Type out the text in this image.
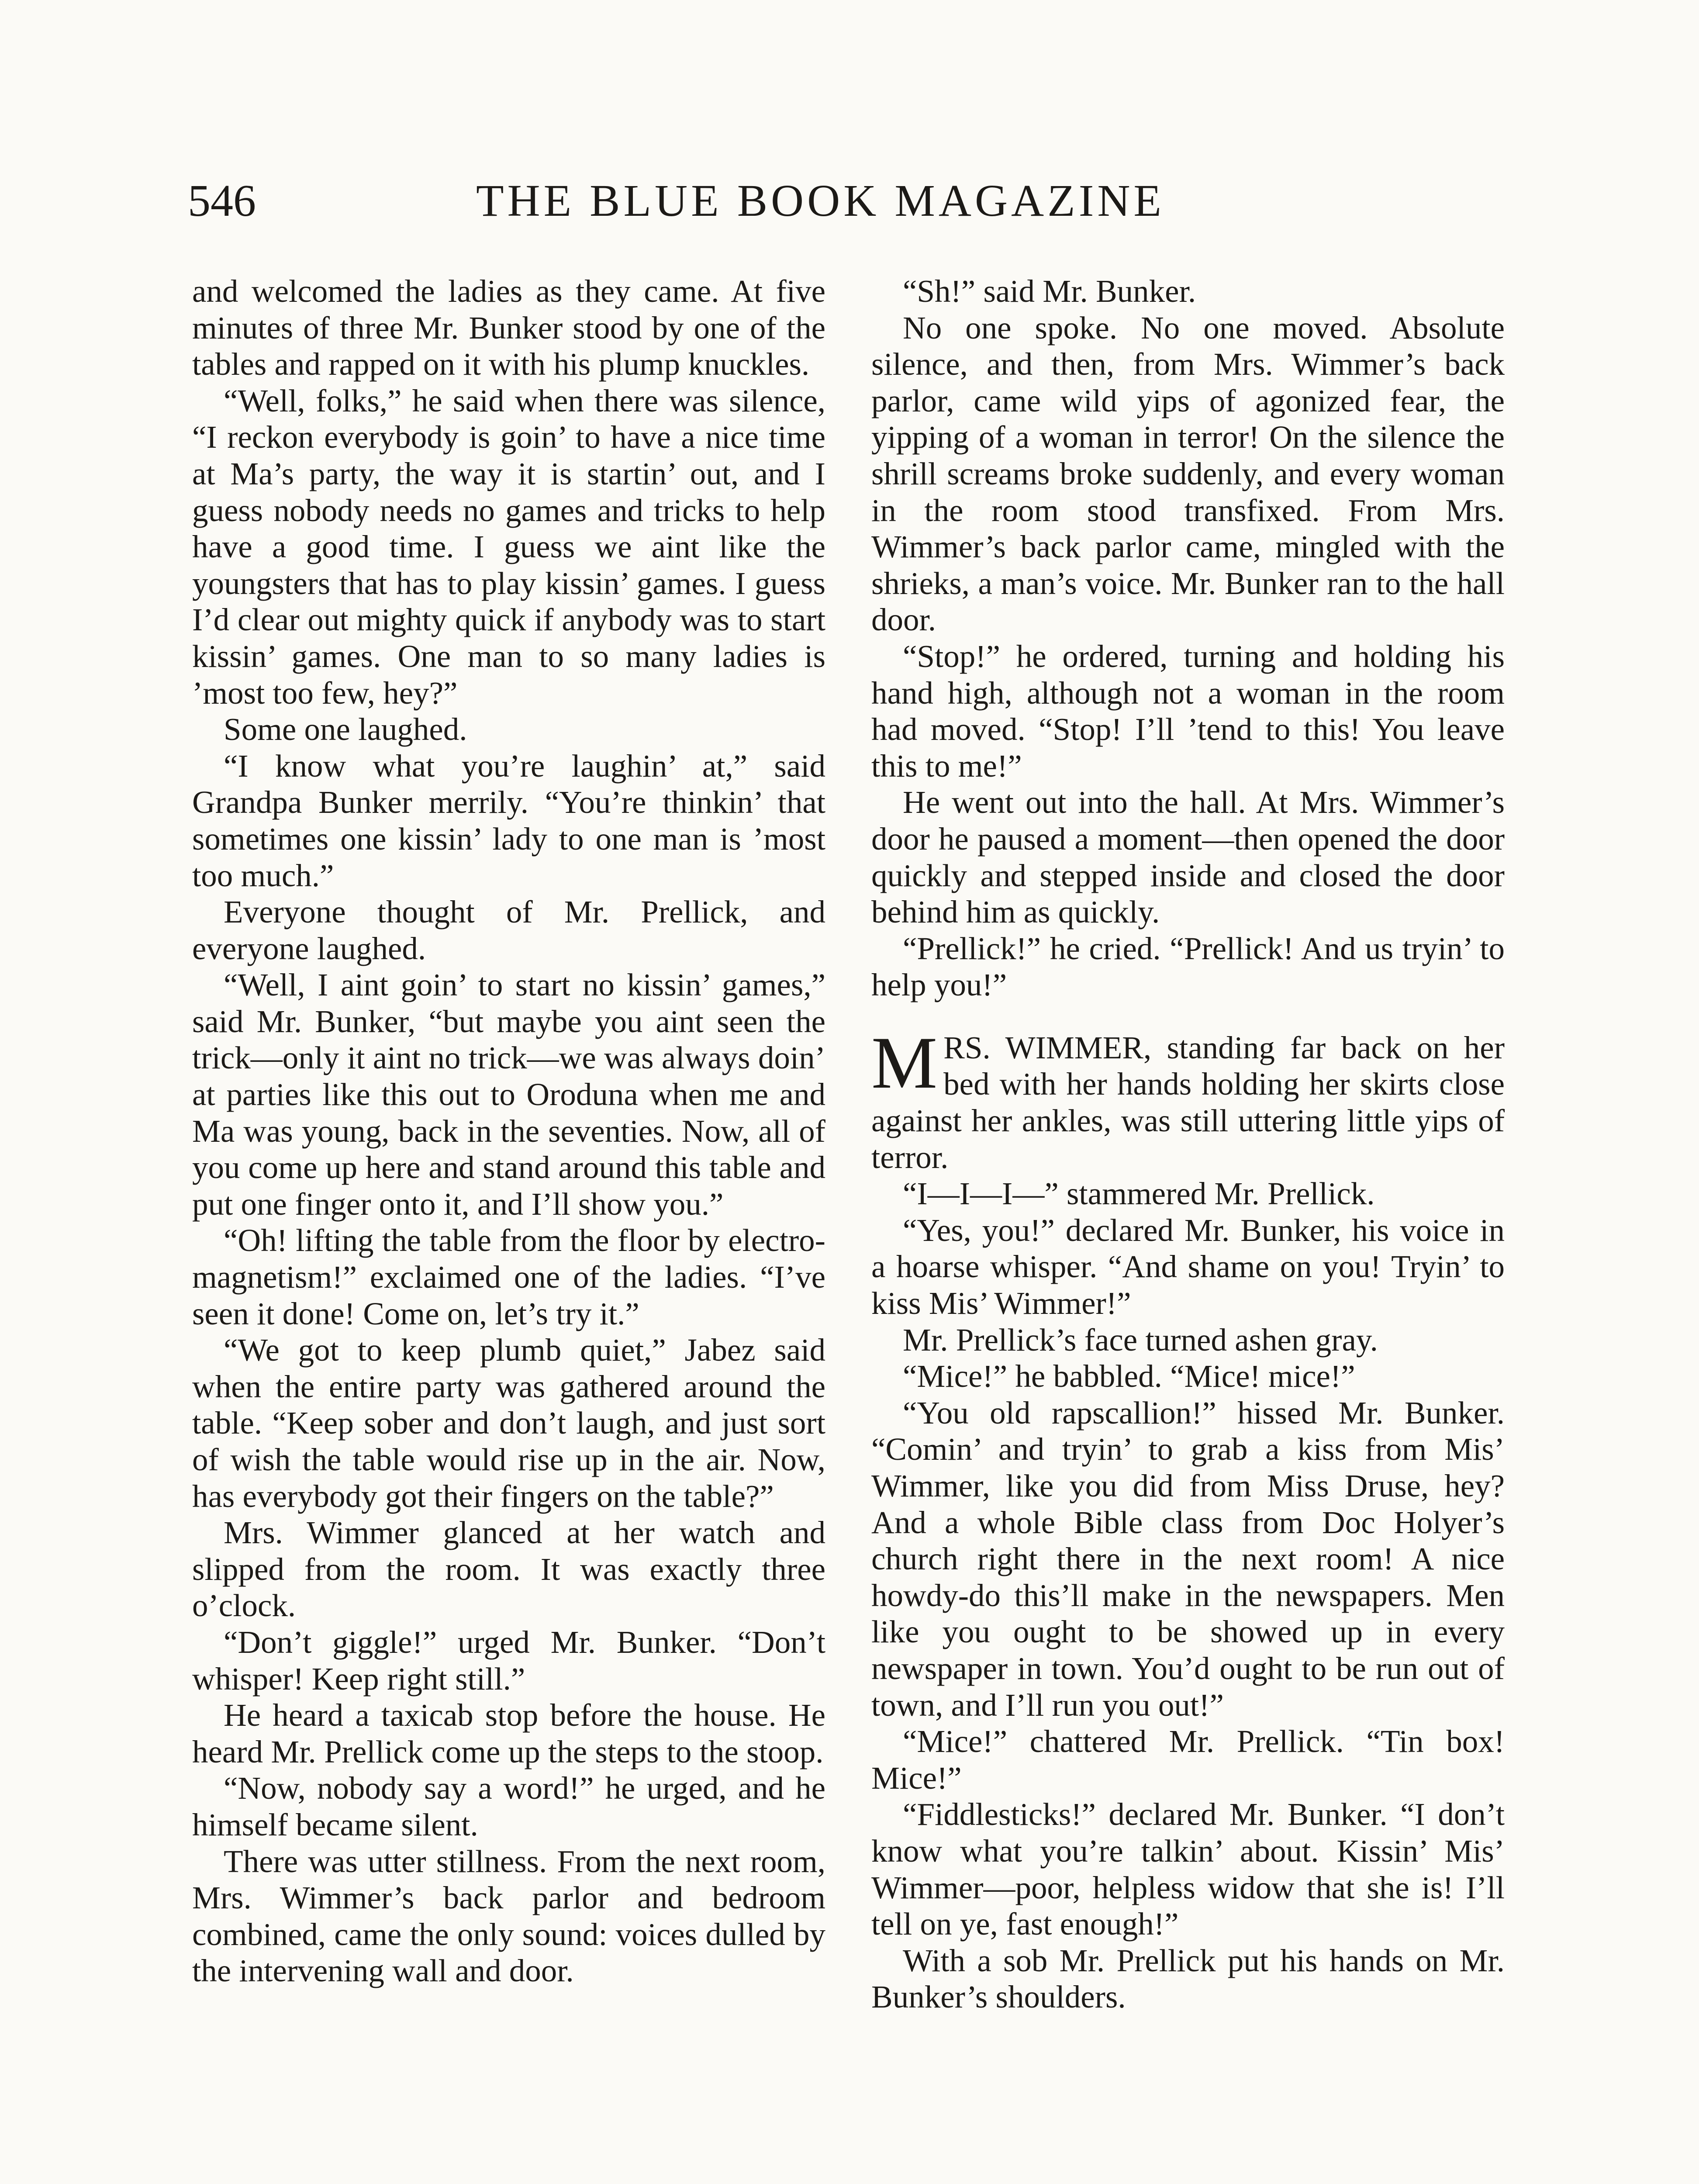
546	THE BLUE BOOK MAGAZINE

and welcomed the ladies as they came. At five minutes of three Mr. Bunker stood by one of the tables and rapped on it with his plump knuckles.

“Well, folks,” he said when there was silence, “I reckon everybody is goin’ to have a nice time at Ma’s party, the way it is startin’ out, and I guess nobody needs no games and tricks to help have a good time. I guess we aint like the youngsters that has to play kissin’ games. I guess I’d clear out mighty quick if anybody was to start kissin’ games. One man to so many ladies is ’most too few, hey?”

Some one laughed.

“I know what you’re laughin’ at,” said Grandpa Bunker merrily. “You’re thinkin’ that sometimes one kissin’ lady to one man is ’most too much.”

Everyone thought of Mr. Prellick, and everyone laughed.

“Well, I aint goin’ to start no kissin’ games,” said Mr. Bunker, “but maybe you aint seen the trick—only it aint no trick—we was always doin’ at parties like this out to Oroduna when me and Ma was young, back in the seventies. Now, all of you come up here and stand around this table and put one finger onto it, and I’ll show you.”

“Oh! lifting the table from the floor by electro-magnetism!” exclaimed one of the ladies. “I’ve seen it done! Come on, let’s try it.”

“We got to keep plumb quiet,” Jabez said when the entire party was gathered around the table. “Keep sober and don’t laugh, and just sort of wish the table would rise up in the air. Now, has everybody got their fingers on the table?”

Mrs. Wimmer glanced at her watch and slipped from the room. It was exactly three o’clock.

“Don’t giggle!” urged Mr. Bunker. “Don’t whisper! Keep right still.”

He heard a taxicab stop before the house. He heard Mr. Prellick come up the steps to the stoop.

“Now, nobody say a word!” he urged, and he himself became silent.

There was utter stillness. From the next room, Mrs. Wimmer’s back parlor and bedroom combined, came the only sound: voices dulled by the intervening wall and door.

“Sh!” said Mr. Bunker.

No one spoke. No one moved. Absolute silence, and then, from Mrs. Wimmer’s back parlor, came wild yips of agonized fear, the yipping of a woman in terror! On the silence the shrill screams broke suddenly, and every woman in the room stood transfixed. From Mrs. Wimmer’s back parlor came, mingled with the shrieks, a man’s voice. Mr. Bunker ran to the hall door.

“Stop!” he ordered, turning and holding his hand high, although not a woman in the room had moved. “Stop! I’ll ’tend to this! You leave this to me!”

He went out into the hall. At Mrs. Wimmer’s door he paused a moment—then opened the door quickly and stepped inside and closed the door behind him as quickly.

“Prellick!” he cried. “Prellick! And us tryin’ to help you!”

MRS. WIMMER, standing far back on her bed with her hands holding her skirts close against her ankles, was still uttering little yips of terror.

“I—I—I—” stammered Mr. Prellick.

“Yes, you!” declared Mr. Bunker, his voice in a hoarse whisper. “And shame on you! Tryin’ to kiss Mis’ Wimmer!”

Mr. Prellick’s face turned ashen gray.

“Mice!” he babbled. “Mice! mice!”

“You old rapscallion!” hissed Mr. Bunker. “Comin’ and tryin’ to grab a kiss from Mis’ Wimmer, like you did from Miss Druse, hey? And a whole Bible class from Doc Holyer’s church right there in the next room! A nice howdy-do this’ll make in the newspapers. Men like you ought to be showed up in every newspaper in town. You’d ought to be run out of town, and I’ll run you out!”

“Mice!” chattered Mr. Prellick. “Tin box! Mice!”

“Fiddlesticks!” declared Mr. Bunker. “I don’t know what you’re talkin’ about. Kissin’ Mis’ Wimmer—poor, helpless widow that she is! I’ll tell on ye, fast enough!”

With a sob Mr. Prellick put his hands on Mr. Bunker’s shoulders.
